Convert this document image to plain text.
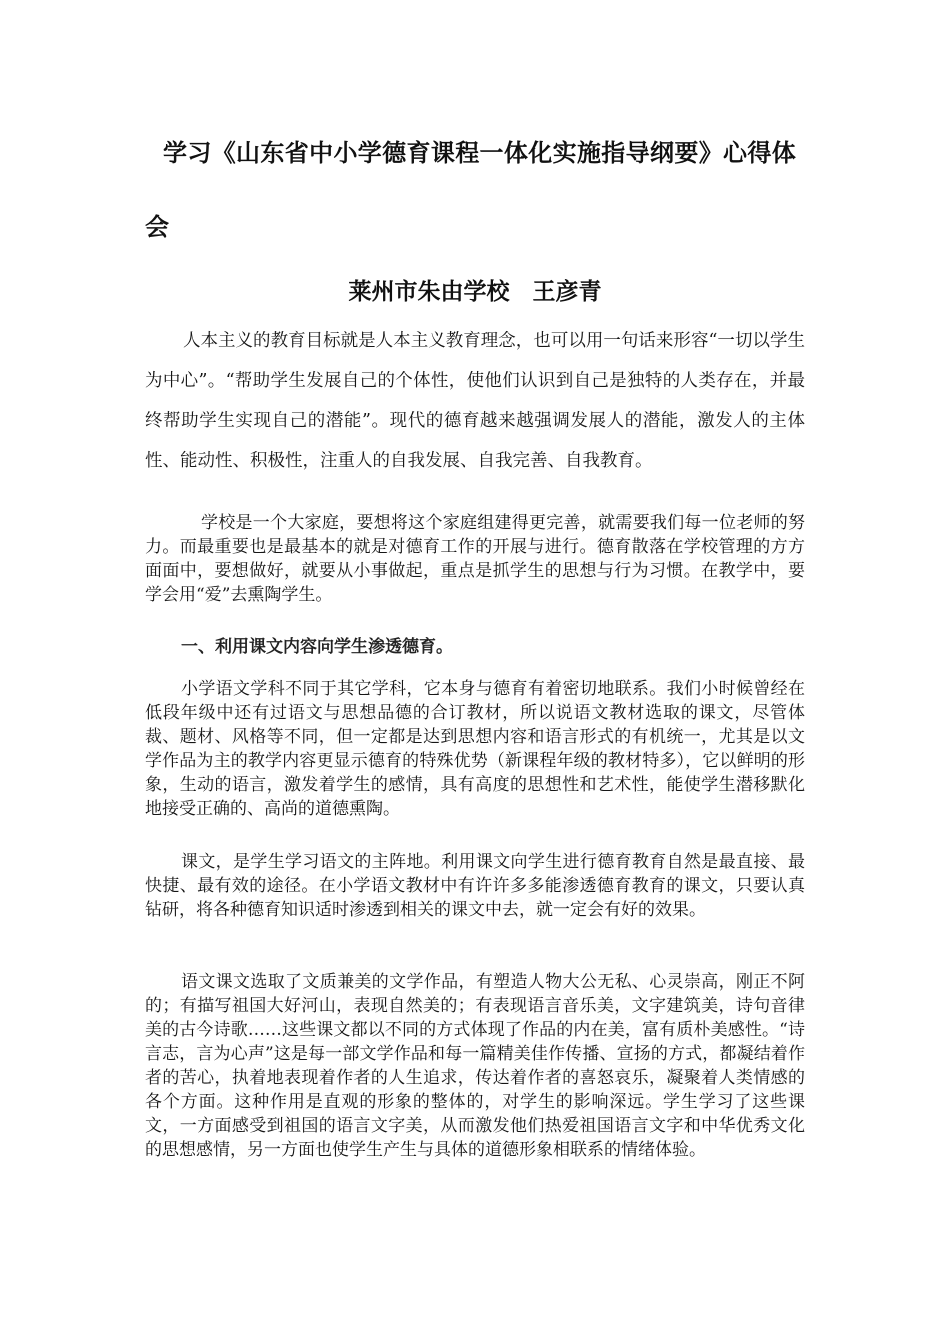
学习《山东省中小学德育课程一体化实施指导纲要》心得体
会
莱州市朱由学校　王彦青

人本主义的教育目标就是人本主义教育理念，也可以用一句话来形容“一切以学生为中心”。“帮助学生发展自己的个体性，使他们认识到自己是独特的人类存在，并最终帮助学生实现自己的潜能”。现代的德育越来越强调发展人的潜能，激发人的主体性、能动性、积极性，注重人的自我发展、自我完善、自我教育。

学校是一个大家庭，要想将这个家庭组建得更完善，就需要我们每一位老师的努力。而最重要也是最基本的就是对德育工作的开展与进行。德育散落在学校管理的方方面面中，要想做好，就要从小事做起，重点是抓学生的思想与行为习惯。在教学中，要学会用“爱”去熏陶学生。

一、利用课文内容向学生渗透德育。

小学语文学科不同于其它学科，它本身与德育有着密切地联系。我们小时候曾经在低段年级中还有过语文与思想品德的合订教材，所以说语文教材选取的课文，尽管体裁、题材、风格等不同，但一定都是达到思想内容和语言形式的有机统一，尤其是以文学作品为主的教学内容更显示德育的特殊优势（新课程年级的教材特多），它以鲜明的形象，生动的语言，激发着学生的感情，具有高度的思想性和艺术性，能使学生潜移默化地接受正确的、高尚的道德熏陶。

课文，是学生学习语文的主阵地。利用课文向学生进行德育教育自然是最直接、最快捷、最有效的途径。在小学语文教材中有许许多多能渗透德育教育的课文，只要认真钻研，将各种德育知识适时渗透到相关的课文中去，就一定会有好的效果。

语文课文选取了文质兼美的文学作品，有塑造人物大公无私、心灵崇高，刚正不阿的；有描写祖国大好河山，表现自然美的；有表现语言音乐美，文字建筑美，诗句音律美的古今诗歌……这些课文都以不同的方式体现了作品的内在美，富有质朴美感性。“诗言志，言为心声”这是每一部文学作品和每一篇精美佳作传播、宣扬的方式，都凝结着作者的苦心，执着地表现着作者的人生追求，传达着作者的喜怒哀乐，凝聚着人类情感的各个方面。这种作用是直观的形象的整体的，对学生的影响深远。学生学习了这些课文，一方面感受到祖国的语言文字美，从而激发他们热爱祖国语言文字和中华优秀文化的思想感情，另一方面也使学生产生与具体的道德形象相联系的情绪体验。
